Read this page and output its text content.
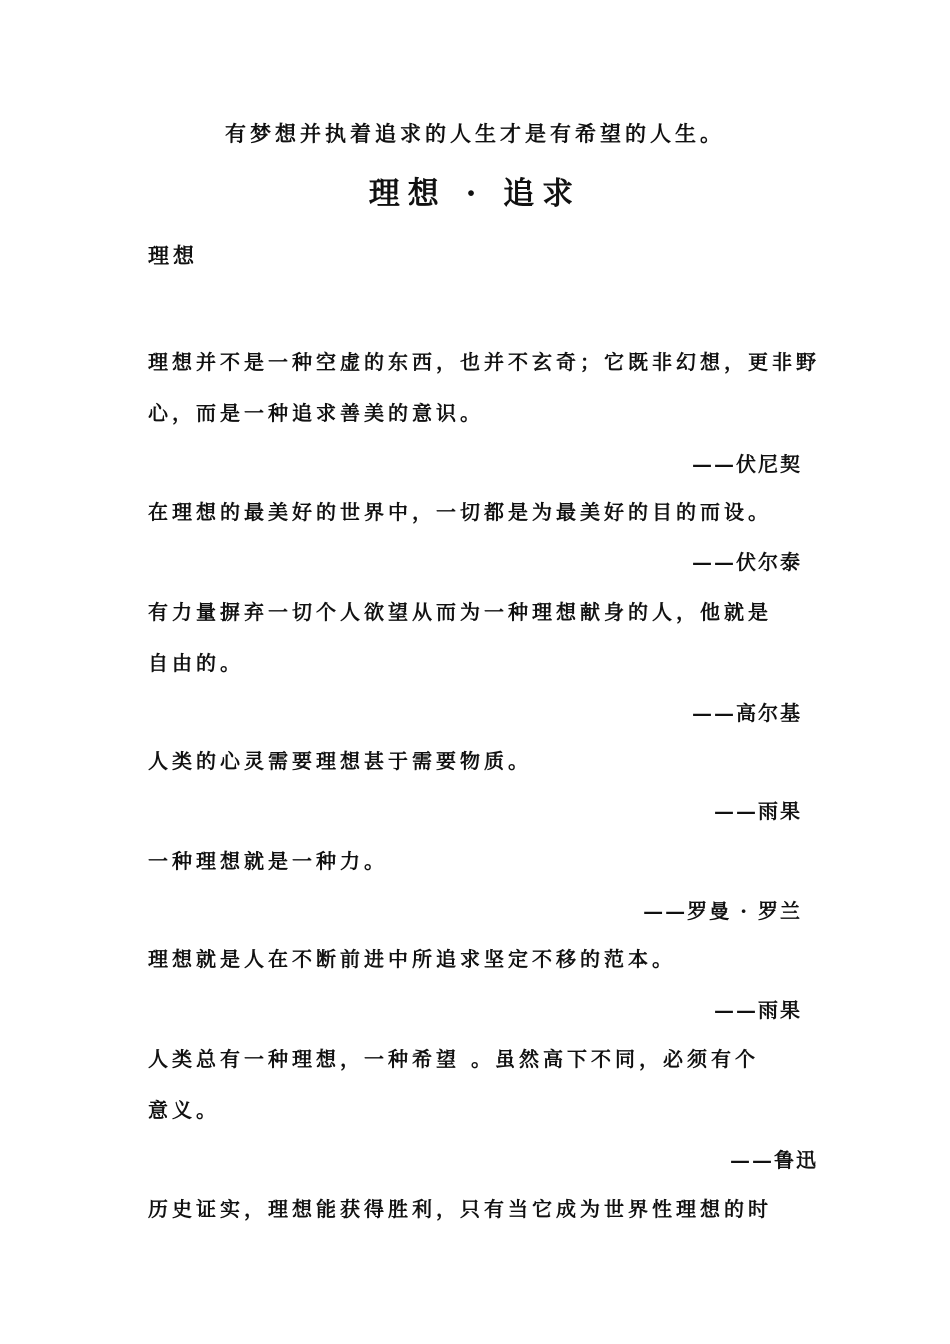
有梦想并执着追求的人生才是有希望的人生。
理想 · 追求
理想
理想并不是一种空虚的东西，也并不玄奇；它既非幻想，更非野
心，而是一种追求善美的意识。
——伏尼契
在理想的最美好的世界中，一切都是为最美好的目的而设。
——伏尔泰
有力量摒弃一切个人欲望从而为一种理想献身的人，他就是
自由的。
——高尔基
人类的心灵需要理想甚于需要物质。
——雨果
一种理想就是一种力。
——罗曼 · 罗兰
理想就是人在不断前进中所追求坚定不移的范本。
——雨果
人类总有一种理想，一种希望 。虽然高下不同，必须有个
意义。
——鲁迅
历史证实，理想能获得胜利，只有当它成为世界性理想的时
